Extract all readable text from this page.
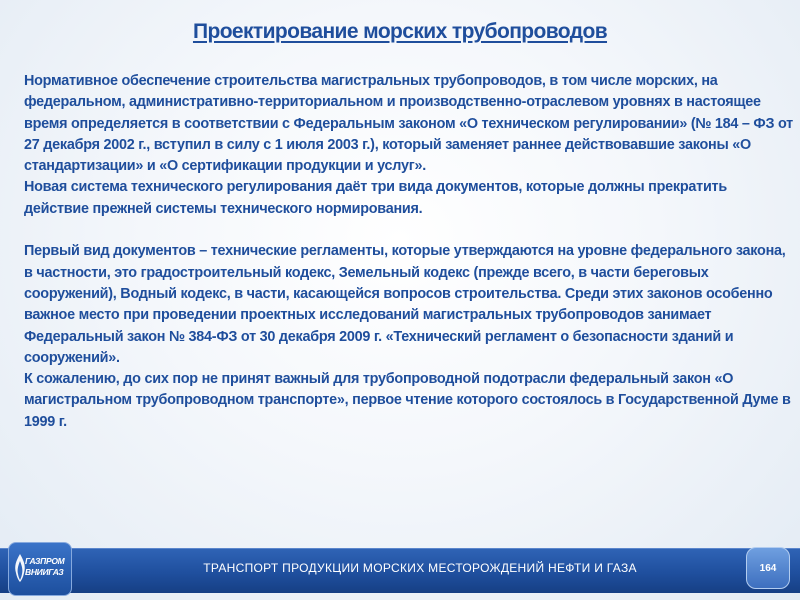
Проектирование морских трубопроводов

Нормативное обеспечение строительства магистральных трубопроводов, в том числе морских, на федеральном, административно-территориальном и производственно-отраслевом уровнях в настоящее время определяется в соответствии с Федеральным законом «О техническом регулировании» (№ 184 – ФЗ от 27 декабря 2002 г., вступил в силу с 1 июля 2003 г.), который заменяет раннее действовавшие законы «О стандартизации» и «О сертификации продукции и услуг».

Новая система технического регулирования даёт три вида документов, которые должны прекратить действие прежней системы технического нормирования.

Первый вид документов – технические регламенты, которые утверждаются на уровне федерального закона, в частности, это градостроительный кодекс, Земельный кодекс (прежде всего, в части береговых сооружений), Водный кодекс, в части, касающейся вопросов строительства. Среди этих законов особенно важное место при проведении проектных исследований магистральных трубопроводов занимает Федеральный закон № 384-ФЗ от 30 декабря 2009 г. «Технический регламент о безопасности зданий и сооружений».

К сожалению, до сих пор не принят важный для трубопроводной подотрасли федеральный закон «О магистральном трубопроводном транспорте», первое чтение которого состоялось в Государственной Думе в 1999 г.

ТРАНСПОРТ ПРОДУКЦИИ МОРСКИХ МЕСТОРОЖДЕНИЙ НЕФТИ И ГАЗА
ГАЗПРОМ ВНИИГАЗ	164
